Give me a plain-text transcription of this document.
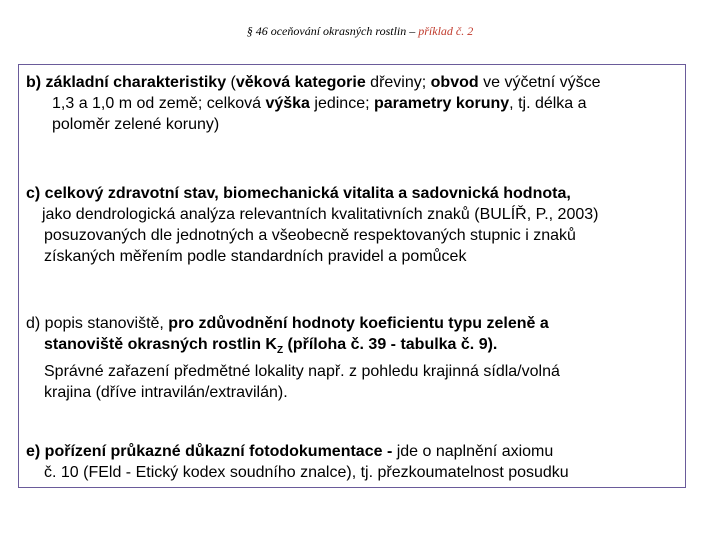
§ 46 oceňování okrasných rostlin – příklad č. 2
b) základní charakteristiky (věková kategorie dřeviny; obvod ve výčetní výšce
1,3 a 1,0 m od země; celková výška jedince; parametry koruny, tj. délka a
poloměr zelené koruny)
c) celkový zdravotní stav, biomechanická vitalita a sadovnická hodnota,
jako dendrologická analýza relevantních kvalitativních znaků (BULÍŘ, P., 2003)
posuzovaných dle jednotných a všeobecně respektovaných stupnic i znaků
získaných měřením podle standardních pravidel a pomůcek
d) popis stanoviště, pro zdůvodnění hodnoty koeficientu typu zeleně a
stanoviště okrasných rostlin $K_Z$ (příloha č. 39 - tabulka č. 9).
Správné zařazení předmětné lokality např. z pohledu krajinná sídla/volná
krajina (dříve intravilán/extravilán).
e) pořízení průkazné důkazní fotodokumentace - jde o naplnění axiomu
č. 10 (FEld - Etický kodex soudního znalce), tj. přezkoumatelnost posudku
